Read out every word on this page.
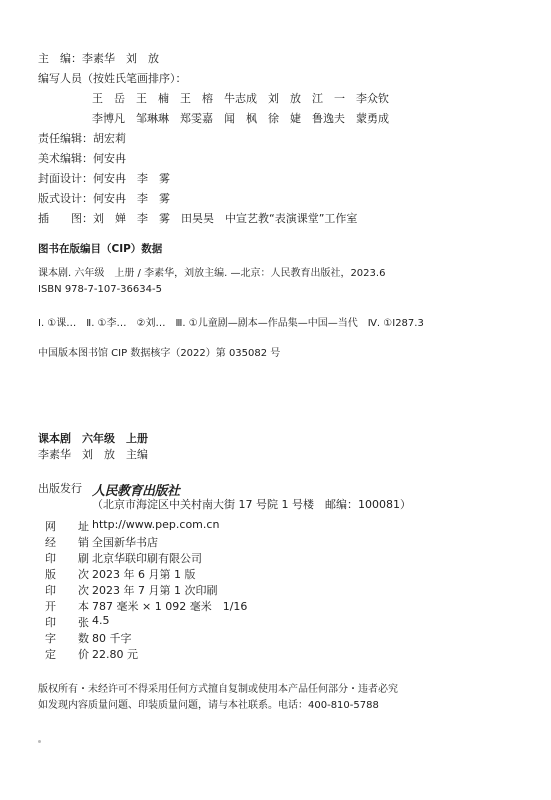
主　编：李素华　刘　放
编写人员（按姓氏笔画排序）：
王　岳　王　楠　王　榕　牛志成　刘　放　江　一　李众钦
李博凡　邹琳琳　郑雯嘉　闻　枫　徐　婕　鲁逸夫　蒙勇成
责任编辑：胡宏莉
美术编辑：何安冉
封面设计：何安冉　李　雾
版式设计：何安冉　李　雾
插　　图：刘　婵　李　雾　田昊昊　中宣艺教“表演课堂”工作室
图书在版编目（CIP）数据
课本剧. 六年级　上册 / 李素华，刘放主编. —北京：人民教育出版社，2023.6
ISBN 978-7-107-36634-5
Ⅰ. ①课…　Ⅱ. ①李…　②刘…　Ⅲ. ①儿童剧—剧本—作品集—中国—当代　Ⅳ. ①I287.3
中国版本图书馆 CIP 数据核字（2022）第 035082 号
课本剧　六年级　上册
李素华　刘　放　主编
出版发行 人民教育出版社
（北京市海淀区中关村南大街 17 号院 1 号楼　邮编：100081）
网　　址 http://www.pep.com.cn
经　　销 全国新华书店
印　　刷 北京华联印刷有限公司
版　　次 2023 年 6 月第 1 版
印　　次 2023 年 7 月第 1 次印刷
开　　本 787 毫米 × 1 092 毫米　1/16
印　　张 4.5
字　　数 80 千字
定　　价 22.80 元
版权所有・未经许可不得采用任何方式擅自复制或使用本产品任何部分・违者必究
如发现内容质量问题、印装质量问题，请与本社联系。电话：400-810-5788
